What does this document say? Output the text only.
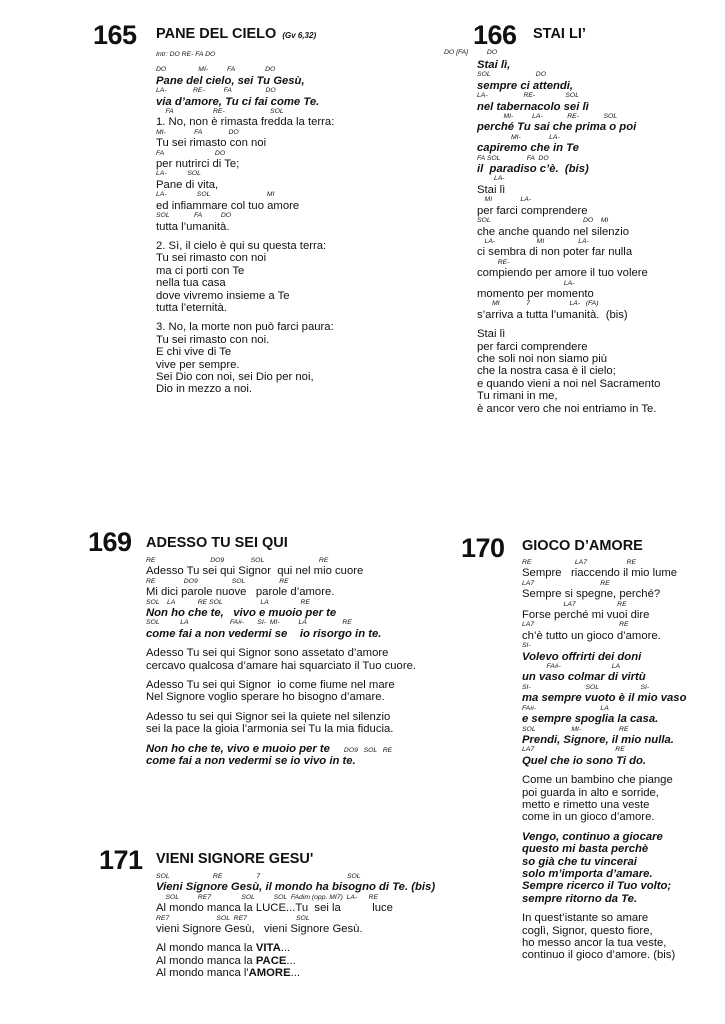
165 PANE DEL CIELO (Gv 6,32)
Intr: DO RE- FA DO
DO                 MI-          FA                DO
Pane del cielo, sei Tu Gesù,
LA-              RE-          FA                  DO
via d’amore, Tu ci fai come Te.
FA                     RE-                        SOL
1. No, non è rimasta fredda la terra:
MI-               FA              DO
Tu sei rimasto con noi
FA                           DO
per nutrirci di Te;
LA-           SOL
Pane di vita,
LA-                SOL                              MI
ed infiammare col tuo amore
SOL             FA          DO
tutta l’umanità.
2. Sì, il cielo è qui su questa terra:
Tu sei rimasto con noi
ma ci porti con Te
nella tua casa
dove vivremo insieme a Te
tutta l’eternità.
3. No, la morte non può farci paura:
Tu sei rimasto con noi.
E chi vive di Te
vive per sempre.
Sei Dio con noi, sei Dio per noi,
Dio in mezzo a noi.
166 STAI LI’
DO [FA]          DO
Stai lì,
SOL                        DO
sempre ci attendi,
LA-                   RE-                SOL
nel tabernacolo sei lì
MI-          LA-             RE-             SOL
perché Tu sai che prima o poi
MI-               LA-
capiremo che in Te
FA SOL              FA  DO
il  paradiso c’è.  (bis)
LA-
Stai lì
MI               LA-
per farci comprendere
SOL                                                 DO    MI
che anche quando nel silenzio
LA-                      MI                  LA-
ci sembra di non poter far nulla
RE-
compiendo per amore il tuo volere
LA-
momento per momento
MI              7                     LA-   (FA)
s’arriva a tutta l’umanità.  (bis)
Stai lì
per farci comprendere
che soli noi non siamo più
che la nostra casa è il cielo;
e quando vieni a noi nel Sacramento
Tu rimani in me,
è ancor vero che noi entriamo in Te.
169 ADESSO TU SEI QUI
RE                             DO9              SOL                             RE
Adesso Tu sei qui Signor  qui nel mio cuore
RE               DO9                  SOL                  RE
Mi dici parole nuove   parole d’amore.
SOL    LA            RE SOL                    LA                 RE
Non ho che te,   vivo e muoio per te
SOL           LA                      FA#-       SI-  MI-          LA                   RE
come fai a non vedermi se    io risorgo in te.
Adesso Tu sei qui Signor sono assetato d’amore
cercavo qualcosa d’amare hai squarciato il Tuo cuore.
Adesso Tu sei qui Signor  io come fiume nel mare
Nel Signore voglio sperare ho bisogno d’amare.
Adesso tu sei qui Signor sei la quiete nel silenzio
sei la pace la gioia l’armonia sei Tu la mia fiducia.
Non ho che te, vivo e muoio per te DO9   SOL   RE
come fai a non vedermi se io vivo in te.
170 GIOCO D’AMORE
RE                       LA7                     RE
Sempre   riaccendo il mio lume
LA7                                   RE
Sempre si spegne, perché?
LA7                      RE
Forse perché mi vuoi dire
LA7                                             RE
ch’è tutto un gioco d’amore.
SI-
Volevo offrirti dei doni
FA#-                           LA
un vaso colmar di virtù
SI-                             SOL                      SI-
ma sempre vuoto è il mio vaso
FA#-                                  LA
e sempre spoglia la casa.
SOL                   MI-                    RE
Prendi, Signore, il mio nulla.
LA7                                           RE
Quel che io sono Ti do.
Come un bambino che piange
poi guarda in alto e sorride,
metto e rimetto una veste
come in un gioco d’amore.
Vengo, continuo a giocare
questo mi basta perchè
so già che tu vincerai
solo m’importa d’amare.
Sempre ricerco il Tuo volto;
sempre ritorno da Te.
In quest’istante so amare
coglì, Signor, questo fiore,
ho messo ancor la tua veste,
continuo il gioco d’amore. (bis)
171 VIENI SIGNORE GESU'
SOL                       RE                  7                                              SOL
Vieni Signore Gesù, il mondo ha bisogno di Te. (bis)
SOL          RE7                SOL          SOL  FAdim (opp. MI7)  LA-      RE
Al mondo manca la LUCE...Tu  sei la          luce
RE7                         SOL  RE7                          SOL
vieni Signore Gesù,   vieni Signore Gesù.
Al mondo manca la VITA...
Al mondo manca la PACE...
Al mondo manca l'AMORE...
